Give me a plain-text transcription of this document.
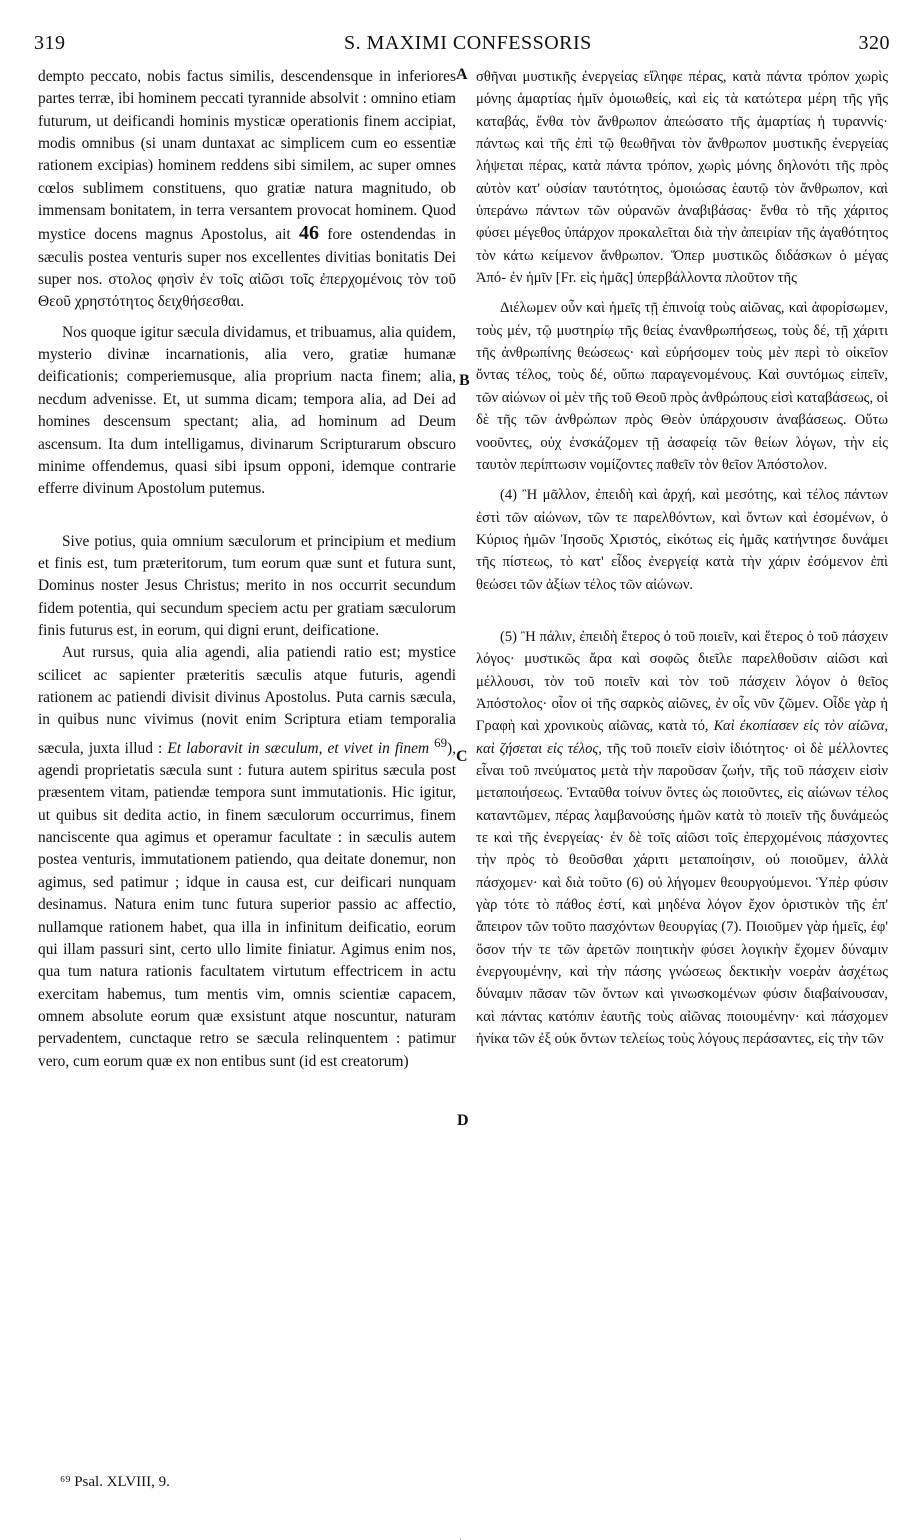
319	S. MAXIMI CONFESSORIS	320
A
B
C
D

dempto peccato, nobis factus similis, descendensque in inferiores partes terræ, ibi hominem peccati tyrannide absolvit : omnino etiam futurum, ut deificandi hominis mysticæ operationis finem accipiat, modis omnibus (si unam duntaxat ac simplicem cum eo essentiæ rationem excipias) hominem reddens sibi similem, ac super omnes cœlos sublimem constituens, quo gratiæ natura magnitudo, ob immensam bonitatem, in terra versantem provocat hominem. Quod mystice docens magnus Apostolus, ait 46 fore ostendendas in sæculis postea venturis super nos excellentes divitias bonitatis Dei super nos. στολος φησὶν ἐν τοῖς αἰῶσι τοῖς ἐπερχομένοις τὸν τοῦ Θεοῦ χρηστότητος δειχθήσεσθαι.

Nos quoque igitur sæcula dividamus, et tribuamus, alia quidem, mysterio divinæ incarnationis, alia vero, gratiæ humanæ deificationis; comperiemusque, alia proprium nacta finem; alia, necdum advenisse. Et, ut summa dicam; tempora alia, ad Dei ad homines descensum spectant; alia, ad hominum ad Deum ascensum. Ita dum intelligamus, divinarum Scripturarum obscuro minime offendemus, quasi sibi ipsum opponi, idemque contrarie efferre divinum Apostolum putemus.

Sive potius, quia omnium sæculorum et principium et medium et finis est, tum præteritorum, tum eorum quæ sunt et futura sunt, Dominus noster Jesus Christus; merito in nos occurrit secundum fidem potentia, qui secundum speciem actu per gratiam sæculorum finis futurus est, in eorum, qui digni erunt, deificatione.

Aut rursus, quia alia agendi, alia patiendi ratio est; mystice scilicet ac sapienter præteritis sæculis atque futuris, agendi rationem ac patiendi divisit divinus Apostolus. Puta carnis sæcula, in quibus nunc vivimus (novit enim Scriptura etiam temporalia sæcula, juxta illud : Et laboravit in sæculum, et vivet in finem $^{69}$), agendi proprietatis sæcula sunt : futura autem spiritus sæcula post præsentem vitam, patiendæ tempora sunt immutationis. Hic igitur, ut quibus sit dedita actio, in finem sæculorum occurrimus, finem nanciscente qua agimus et operamur facultate : in sæculis autem postea venturis, immutationem patiendo, qua deitate donemur, non agimus, sed patimur ; idque in causa est, cur deificari nunquam desinamus. Natura enim tunc futura superior passio ac affectio, nullamque rationem habet, qua illa in infinitum deificatio, eorum qui illam passuri sint, certo ullo limite finiatur. Agimus enim nos, qua tum natura rationis facultatem virtutum effectricem in actu exercitam habemus, tum mentis vim, omnis scientiæ capacem, omnem absolute eorum quæ exsistunt atque noscuntur, naturam pervadentem, cunctaque retro se sæcula relinquentem : patimur vero, cum eorum quæ ex non entibus sunt (id est creatorum)

σθῆναι μυστικῆς ἐνεργείας εἴληφε πέρας, κατὰ πάντα τρόπον χωρὶς μόνης ἁμαρτίας ἡμῖν ὁμοιωθείς, καὶ εἰς τὰ κατώτερα μέρη τῆς γῆς καταβάς, ἔνθα τὸν ἄνθρωπον ἀπεώσατο τῆς ἁμαρτίας ἡ τυραννίς· πάντως καὶ τῆς ἐπὶ τῷ θεωθῆναι τὸν ἄνθρωπον μυστικῆς ἐνεργείας λήψεται πέρας, κατὰ πάντα τρόπον, χωρὶς μόνης δηλονότι τῆς πρὸς αὐτὸν κατ' οὐσίαν ταυτότητος, ὁμοιώσας ἑαυτῷ τὸν ἄνθρωπον, καὶ ὑπεράνω πάντων τῶν οὐρανῶν ἀναβιβάσας· ἔνθα τὸ τῆς χάριτος φύσει μέγεθος ὑπάρχον προκαλεῖται διὰ τὴν ἀπειρίαν τῆς ἀγαθότητος τὸν κάτω κείμενον ἄνθρωπον. Ὅπερ μυστικῶς διδάσκων ὁ μέγας Ἀπό- ἐν ἡμῖν [Fr. εἰς ἡμᾶς] ὑπερβάλλοντα πλοῦτον τῆς

Διέλωμεν οὖν καὶ ἡμεῖς τῇ ἐπινοίᾳ τοὺς αἰῶνας, καὶ ἀφορίσωμεν, τοὺς μέν, τῷ μυστηρίῳ τῆς θείας ἐνανθρωπήσεως, τοὺς δέ, τῇ χάριτι τῆς ἀνθρωπίνης θεώσεως· καὶ εὑρήσομεν τοὺς μὲν περὶ τὸ οἰκεῖον ὄντας τέλος, τοὺς δέ, οὔπω παραγενομένους. Καὶ συντόμως εἰπεῖν, τῶν αἰώνων οἱ μὲν τῆς τοῦ Θεοῦ πρὸς ἀνθρώπους εἰσὶ καταβάσεως, οἱ δὲ τῆς τῶν ἀνθρώπων πρὸς Θεὸν ὑπάρχουσιν ἀναβάσεως. Οὕτω νοοῦντες, οὐχ ἐνσκάζομεν τῇ ἀσαφείᾳ τῶν θείων λόγων, τὴν εἰς ταυτὸν περίπτωσιν νομίζοντες παθεῖν τὸν θεῖον Ἀπόστολον.

(4) Ἢ μᾶλλον, ἐπειδὴ καὶ ἀρχή, καὶ μεσότης, καὶ τέλος πάντων ἐστὶ τῶν αἰώνων, τῶν τε παρελθόντων, καὶ ὄντων καὶ ἐσομένων, ὁ Κύριος ἡμῶν Ἰησοῦς Χριστός, εἰκότως εἰς ἡμᾶς κατήντησε δυνάμει τῆς πίστεως, τὸ κατ' εἶδος ἐνεργείᾳ κατὰ τὴν χάριν ἐσόμενον ἐπὶ θεώσει τῶν ἀξίων τέλος τῶν αἰώνων.

(5) Ἢ πάλιν, ἐπειδὴ ἕτερος ὁ τοῦ ποιεῖν, καὶ ἕτερος ὁ τοῦ πάσχειν λόγος· μυστικῶς ἄρα καὶ σοφῶς διεῖλε παρελθοῦσιν αἰῶσι καὶ μέλλουσι, τὸν τοῦ ποιεῖν καὶ τὸν τοῦ πάσχειν λόγον ὁ θεῖος Ἀπόστολος· οἷον οἱ τῆς σαρκὸς αἰῶνες, ἐν οἷς νῦν ζῶμεν. Οἶδε γὰρ ἡ Γραφὴ καὶ χρονικοὺς αἰῶνας, κατὰ τό, Καὶ ἐκοπίασεν εἰς τὸν αἰῶνα, καὶ ζήσεται εἰς τέλος, τῆς τοῦ ποιεῖν εἰσὶν ἰδιότητος· οἱ δὲ μέλλοντες εἶναι τοῦ πνεύματος μετὰ τὴν παροῦσαν ζωήν, τῆς τοῦ πάσχειν εἰσὶν μεταποιήσεως. Ἐνταῦθα τοίνυν ὄντες ὡς ποιοῦντες, εἰς αἰώνων τέλος καταντῶμεν, πέρας λαμβανούσης ἡμῶν κατὰ τὸ ποιεῖν τῆς δυνάμεώς τε καὶ τῆς ἐνεργείας· ἐν δὲ τοῖς αἰῶσι τοῖς ἐπερχομένοις πάσχοντες τὴν πρὸς τὸ θεοῦσθαι χάριτι μεταποίησιν, οὐ ποιοῦμεν, ἀλλὰ πάσχομεν· καὶ διὰ τοῦτο (6) οὐ λήγομεν θεουργούμενοι. Ὑπὲρ φύσιν γὰρ τότε τὸ πάθος ἐστί, καὶ μηδένα λόγον ἔχον ὁριστικὸν τῆς ἐπ' ἄπειρον τῶν τοῦτο πασχόντων θεουργίας (7). Ποιοῦμεν γὰρ ἡμεῖς, ἐφ' ὅσον τήν τε τῶν ἀρετῶν ποιητικὴν φύσει λογικὴν ἔχομεν δύναμιν ἐνεργουμένην, καὶ τὴν πάσης γνώσεως δεκτικὴν νοερὰν ἀσχέτως δύναμιν πᾶσαν τῶν ὄντων καὶ γινωσκομένων φύσιν διαβαίνουσαν, καὶ πάντας κατόπιν ἑαυτῆς τοὺς αἰῶνας ποιουμένην· καὶ πάσχομεν ἡνίκα τῶν ἐξ οὐκ ὄντων τελείως τοὺς λόγους περάσαντες, εἰς τὴν τῶν

⁶⁹ Psal. XLVIII, 9.
ˌ
